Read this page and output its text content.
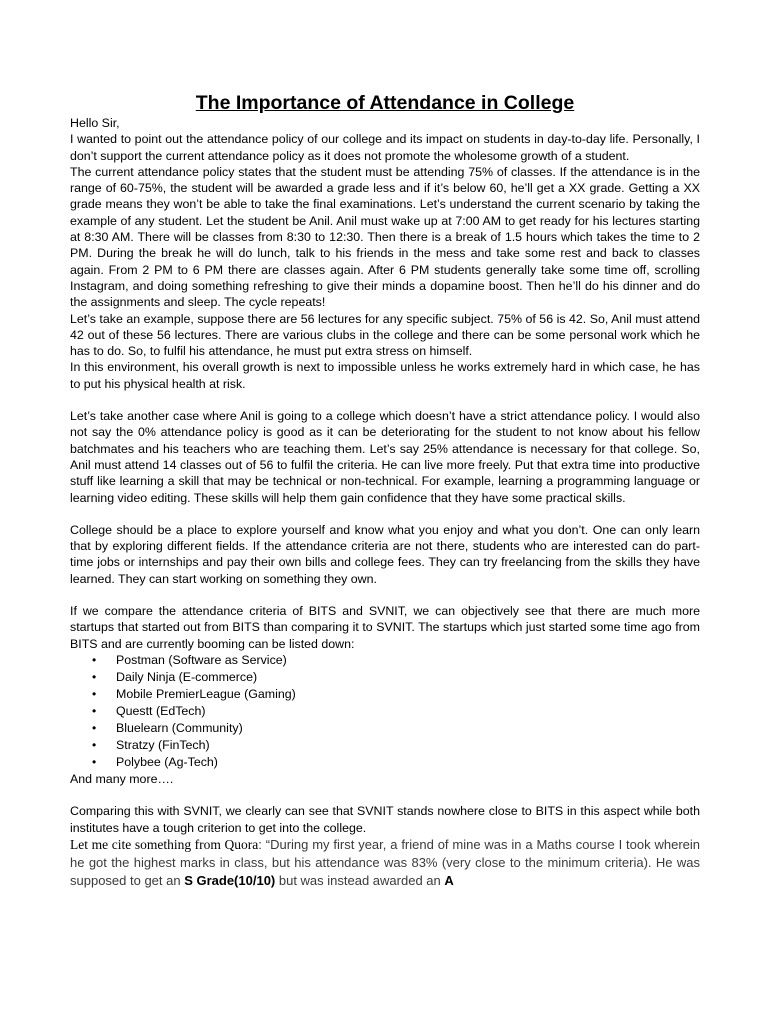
The Importance of Attendance in College

Hello Sir,

I wanted to point out the attendance policy of our college and its impact on students in day-to-day life. Personally, I don’t support the current attendance policy as it does not promote the wholesome growth of a student.

The current attendance policy states that the student must be attending 75% of classes. If the attendance is in the range of 60-75%, the student will be awarded a grade less and if it’s below 60, he’ll get a XX grade. Getting a XX grade means they won’t be able to take the final examinations. Let’s understand the current scenario by taking the example of any student. Let the student be Anil. Anil must wake up at 7:00 AM to get ready for his lectures starting at 8:30 AM. There will be classes from 8:30 to 12:30. Then there is a break of 1.5 hours which takes the time to 2 PM. During the break he will do lunch, talk to his friends in the mess and take some rest and back to classes again. From 2 PM to 6 PM there are classes again. After 6 PM students generally take some time off, scrolling Instagram, and doing something refreshing to give their minds a dopamine boost. Then he’ll do his dinner and do the assignments and sleep. The cycle repeats!

Let’s take an example, suppose there are 56 lectures for any specific subject. 75% of 56 is 42. So, Anil must attend 42 out of these 56 lectures. There are various clubs in the college and there can be some personal work which he has to do. So, to fulfil his attendance, he must put extra stress on himself.

In this environment, his overall growth is next to impossible unless he works extremely hard in which case, he has to put his physical health at risk.

Let’s take another case where Anil is going to a college which doesn’t have a strict attendance policy. I would also not say the 0% attendance policy is good as it can be deteriorating for the student to not know about his fellow batchmates and his teachers who are teaching them. Let’s say 25% attendance is necessary for that college. So, Anil must attend 14 classes out of 56 to fulfil the criteria. He can live more freely. Put that extra time into productive stuff like learning a skill that may be technical or non-technical. For example, learning a programming language or learning video editing. These skills will help them gain confidence that they have some practical skills.

College should be a place to explore yourself and know what you enjoy and what you don’t. One can only learn that by exploring different fields. If the attendance criteria are not there, students who are interested can do part-time jobs or internships and pay their own bills and college fees. They can try freelancing from the skills they have learned. They can start working on something they own.

If we compare the attendance criteria of BITS and SVNIT, we can objectively see that there are much more startups that started out from BITS than comparing it to SVNIT. The startups which just started some time ago from BITS and are currently booming can be listed down:

• Postman (Software as Service)
• Daily Ninja (E-commerce)
• Mobile PremierLeague (Gaming)
• Questt (EdTech)
• Bluelearn (Community)
• Stratzy (FinTech)
• Polybee (Ag-Tech)

And many more….

Comparing this with SVNIT, we clearly can see that SVNIT stands nowhere close to BITS in this aspect while both institutes have a tough criterion to get into the college.

Let me cite something from Quora: “During my first year, a friend of mine was in a Maths course I took wherein he got the highest marks in class, but his attendance was 83% (very close to the minimum criteria). He was supposed to get an S Grade(10/10) but was instead awarded an A
